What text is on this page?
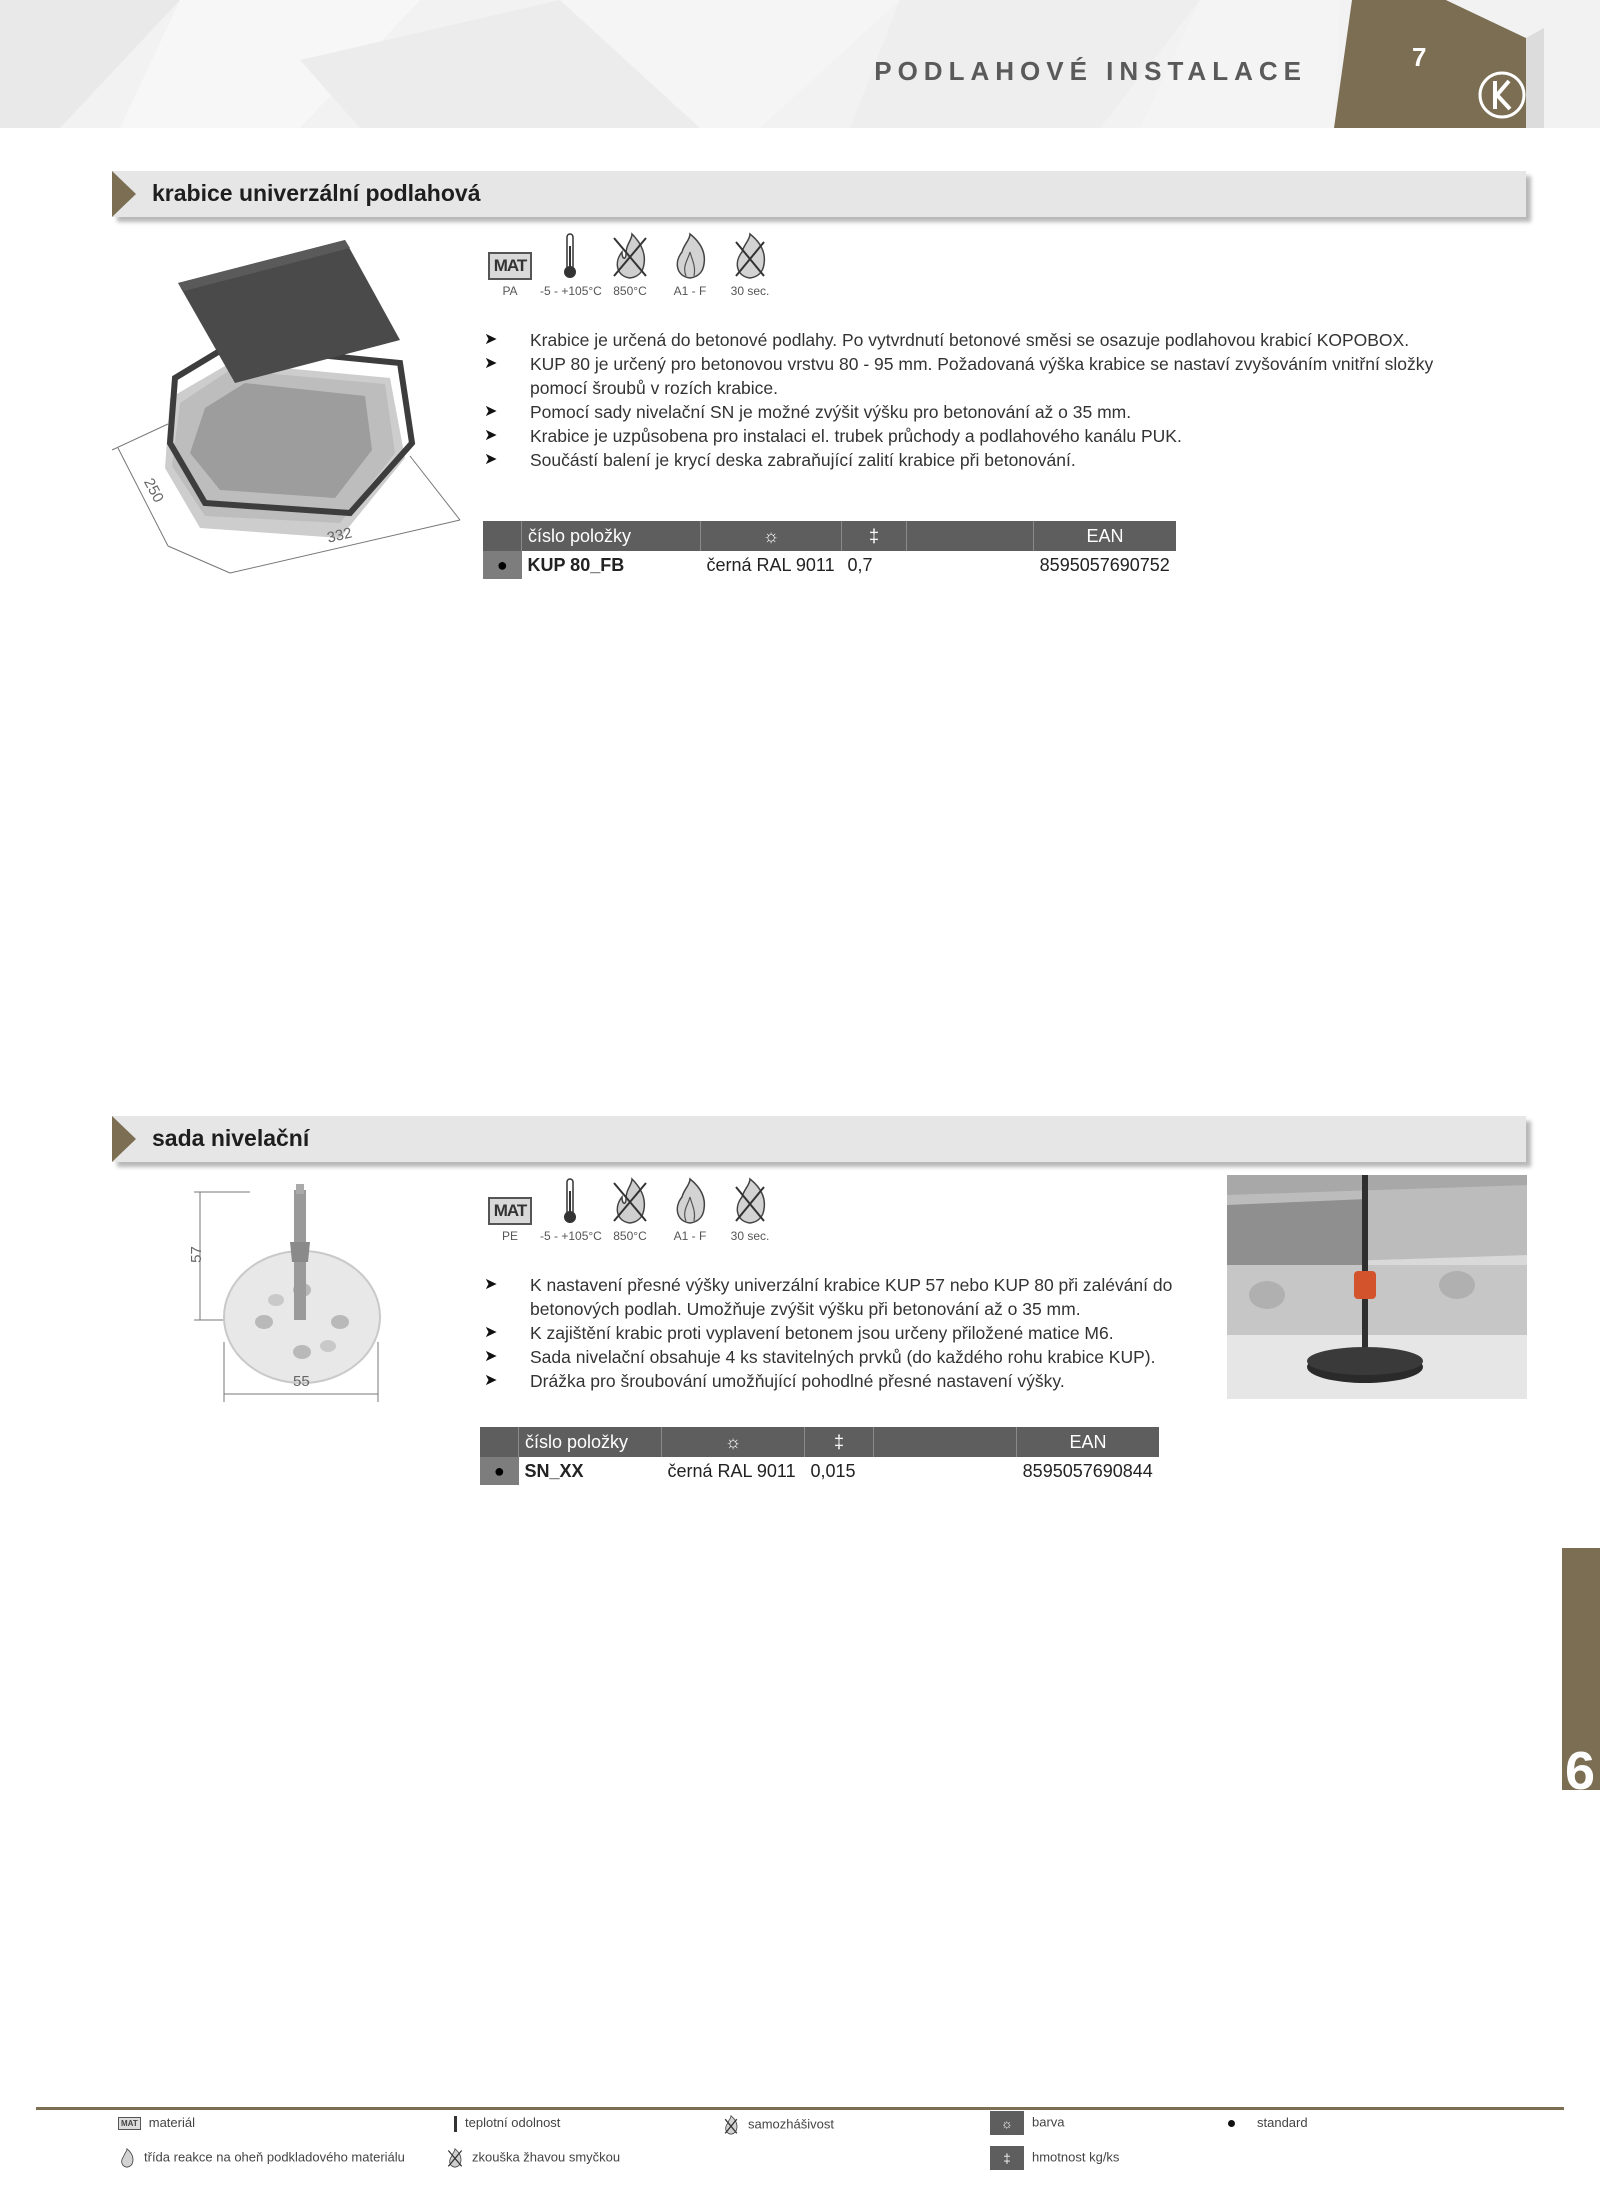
PODLAHOVÉ INSTALACE	7
krabice univerzální podlahová
250
332
MAT
PA	-5 - +105°C 850°C	A1 - F	30 sec.
➤ Krabice je určená do betonové podlahy. Po vytvrdnutí betonové směsi se osazuje podlahovou krabicí KOPOBOX.
➤ KUP 80 je určený pro betonovou vrstvu 80 - 95 mm. Požadovaná výška krabice se nastaví zvyšováním vnitřní složky pomocí šroubů v rozích krabice.
➤ Pomocí sady nivelační SN je možné zvýšit výšku pro betonování až o 35 mm.
➤ Krabice je uzpůsobena pro instalaci el. trubek průchody a podlahového kanálu PUK.
➤ Součástí balení je krycí deska zabraňující zalití krabice při betonování.
	číslo položky	☼	‡		EAN
●	KUP 80_FB	černá RAL 9011	0,7		8595057690752
sada nivelační
57
55
MAT
PE	-5 - +105°C 850°C	A1 - F	30 sec.
➤ K nastavení přesné výšky univerzální krabice KUP 57 nebo KUP 80 při zalévání do betonových podlah. Umožňuje zvýšit výšku při betonování až o 35 mm.
➤ K zajištění krabic proti vyplavení betonem jsou určeny přiložené matice M6.
➤ Sada nivelační obsahuje 4 ks stavitelných prvků (do každého rohu krabice KUP).
➤ Drážka pro šroubování umožňující pohodlné přesné nastavení výšky.
	číslo položky	☼	‡		EAN
●	SN_XX	černá RAL 9011	0,015		8595057690844
6
MAT materiál	teplotní odolnost	samozhášivost	☼ barva	standard
třída reakce na oheň podkladového materiálu	zkouška žhavou smyčkou	‡ hmotnost kg/ks
